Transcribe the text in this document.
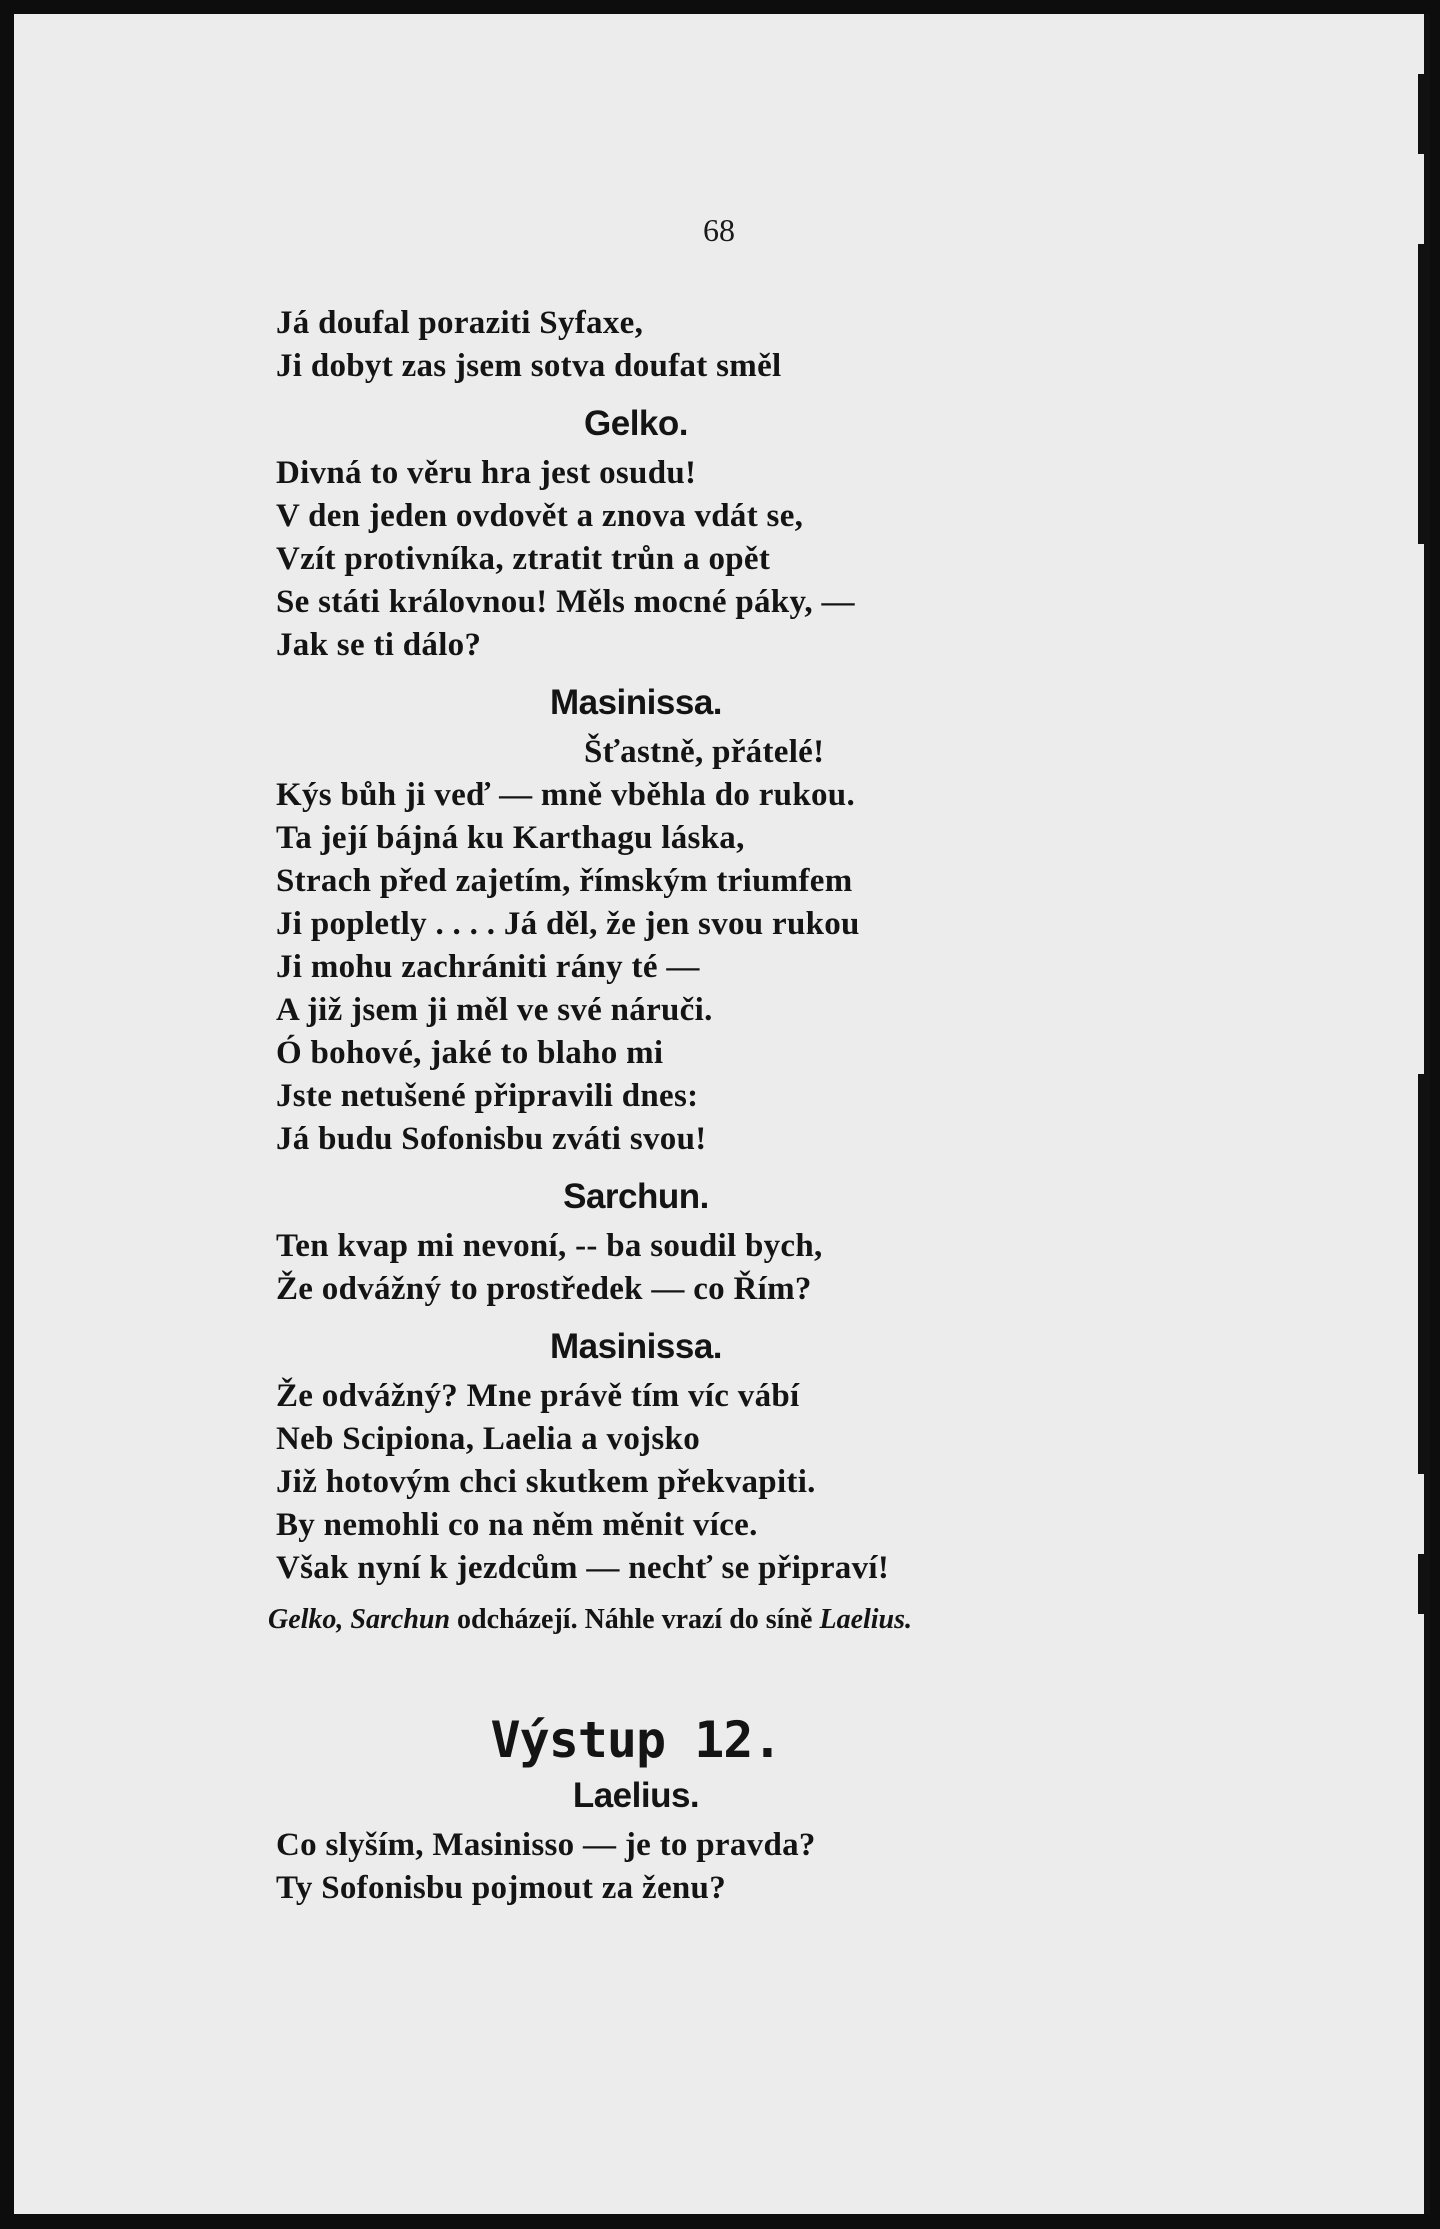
68
Já doufal poraziti Syfaxe,
Ji dobyt zas jsem sotva doufat směl
Gelko.
Divná to věru hra jest osudu!
V den jeden ovdovět a znova vdát se,
Vzít protivníka, ztratit trůn a opět
Se státi královnou! Měls mocné páky, —
Jak se ti dálo?
Masinissa.
Šťastně, přátelé!
Kýs bůh ji veď — mně vběhla do rukou.
Ta její bájná ku Karthagu láska,
Strach před zajetím, římským triumfem
Ji popletly . . . . Já děl, že jen svou rukou
Ji mohu zachrániti rány té —
A již jsem ji měl ve své náruči.
Ó bohové, jaké to blaho mi
Jste netušené připravili dnes:
Já budu Sofonisbu zváti svou!
Sarchun.
Ten kvap mi nevoní, -- ba soudil bych,
Že odvážný to prostředek — co Řím?
Masinissa.
Že odvážný? Mne právě tím víc vábí
Neb Scipiona, Laelia a vojsko
Již hotovým chci skutkem překvapiti.
By nemohli co na něm měnit více.
Však nyní k jezdcům — nechť se připraví!
Gelko, Sarchun odcházejí. Náhle vrazí do síně Laelius.
Výstup 12.
Laelius.
Co slyším, Masinisso — je to pravda?
Ty Sofonisbu pojmout za ženu?
